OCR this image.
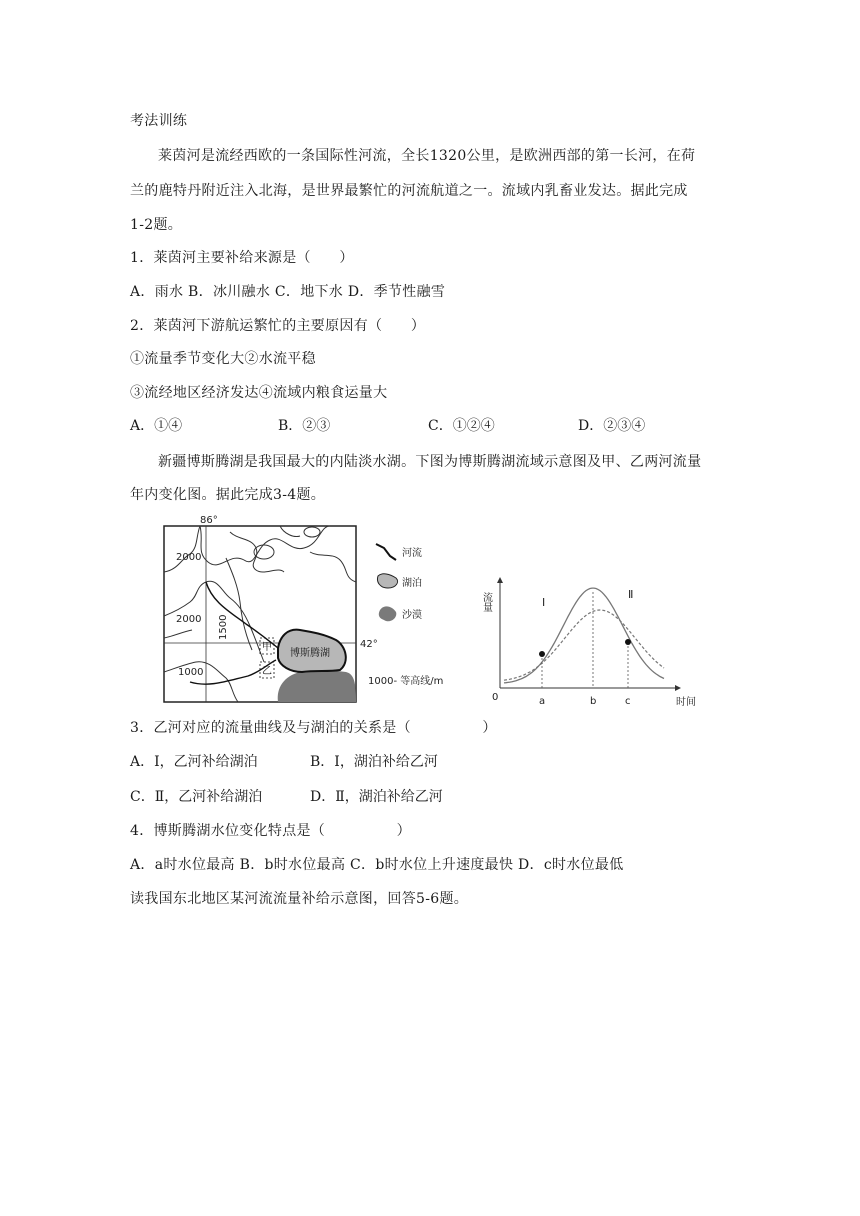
考法训练
莱茵河是流经西欧的一条国际性河流，全长1320公里，是欧洲西部的第一长河，在荷
兰的鹿特丹附近注入北海，是世界最繁忙的河流航道之一。流域内乳畜业发达。据此完成
1-2题。
1．莱茵河主要补给来源是（　　）
A．雨水 B．冰川融水 C．地下水 D．季节性融雪
2．莱茵河下游航运繁忙的主要原因有（　　）
①流量季节变化大②水流平稳
③流经地区经济发达④流域内粮食运量大
A．①④	B．②③	C．①②④	D．②③④
新疆博斯腾湖是我国最大的内陆淡水湖。下图为博斯腾湖流域示意图及甲、乙两河流量
年内变化图。据此完成3-4题。
86°
42°
2000
2000 1500
1000
博斯腾湖
甲
乙
河流
湖泊
沙漠
1000- 等高线/m
流量
时间
0
Ⅰ
Ⅱ
a	b	c
3．乙河对应的流量曲线及与湖泊的关系是（　　　　　）
A．Ⅰ，乙河补给湖泊	B．Ⅰ，湖泊补给乙河
C．Ⅱ，乙河补给湖泊	D．Ⅱ，湖泊补给乙河
4．博斯腾湖水位变化特点是（　　　　　）
A．a时水位最高 B．b时水位最高 C．b时水位上升速度最快 D．c时水位最低
读我国东北地区某河流流量补给示意图，回答5-6题。
